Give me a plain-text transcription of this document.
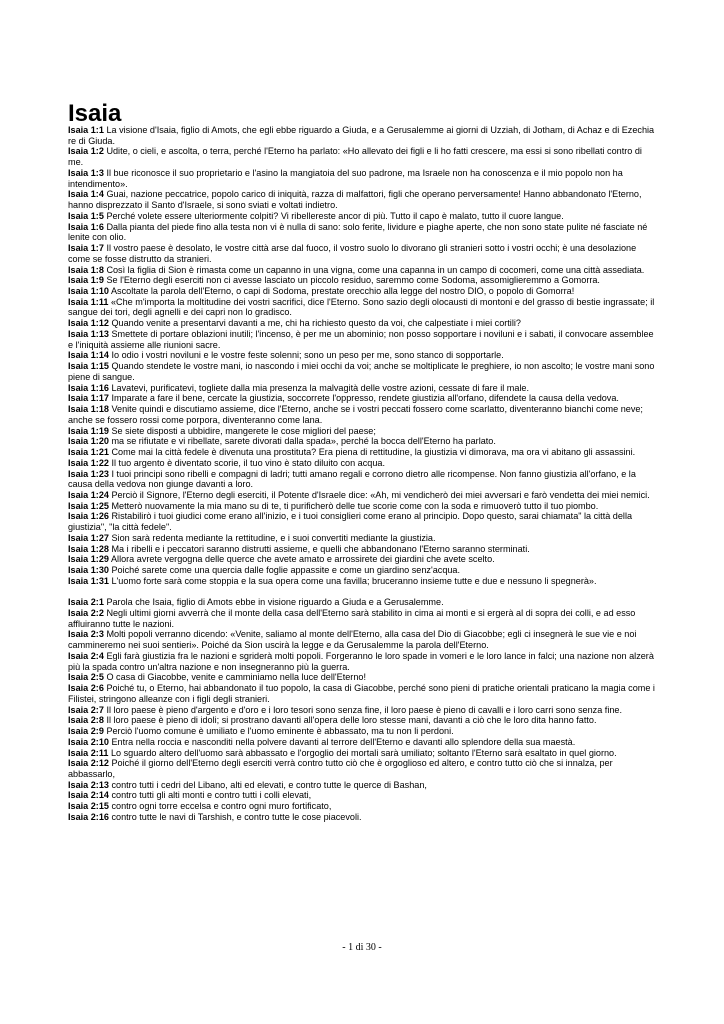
Isaia

Isaia 1:1 La visione d'Isaia, figlio di Amots, che egli ebbe riguardo a Giuda, e a Gerusalemme ai giorni di Uzziah, di Jotham, di Achaz e di Ezechia re di Giuda.

Isaia 1:2 Udite, o cieli, e ascolta, o terra, perché l'Eterno ha parlato: «Ho allevato dei figli e li ho fatti crescere, ma essi si sono ribellati contro di me.

Isaia 1:3 Il bue riconosce il suo proprietario e l'asino la mangiatoia del suo padrone, ma Israele non ha conoscenza e il mio popolo non ha intendimento».

Isaia 1:4 Guai, nazione peccatrice, popolo carico di iniquità, razza di malfattori, figli che operano perversamente! Hanno abbandonato l'Eterno, hanno disprezzato il Santo d'Israele, si sono sviati e voltati indietro.

Isaia 1:5 Perché volete essere ulteriormente colpiti? Vi ribellereste ancor di più. Tutto il capo è malato, tutto il cuore langue.

Isaia 1:6 Dalla pianta del piede fino alla testa non vi è nulla di sano: solo ferite, lividure e piaghe aperte, che non sono state pulite né fasciate né lenite con olio.

Isaia 1:7 Il vostro paese è desolato, le vostre città arse dal fuoco, il vostro suolo lo divorano gli stranieri sotto i vostri occhi; è una desolazione come se fosse distrutto da stranieri.

Isaia 1:8 Così la figlia di Sion è rimasta come un capanno in una vigna, come una capanna in un campo di cocomeri, come una città assediata.

Isaia 1:9 Se l'Eterno degli eserciti non ci avesse lasciato un piccolo residuo, saremmo come Sodoma, assomiglieremmo a Gomorra.

Isaia 1:10 Ascoltate la parola dell'Eterno, o capi di Sodoma, prestate orecchio alla legge del nostro DIO, o popolo di Gomorra!

Isaia 1:11 «Che m'importa la moltitudine dei vostri sacrifici, dice l'Eterno. Sono sazio degli olocausti di montoni e del grasso di bestie ingrassate; il sangue dei tori, degli agnelli e dei capri non lo gradisco.

Isaia 1:12 Quando venite a presentarvi davanti a me, chi ha richiesto questo da voi, che calpestiate i miei cortili?

Isaia 1:13 Smettete di portare oblazioni inutili; l'incenso, è per me un abominio; non posso sopportare i noviluni e i sabati, il convocare assemblee e l'iniquità assieme alle riunioni sacre.

Isaia 1:14 Io odio i vostri noviluni e le vostre feste solenni; sono un peso per me, sono stanco di sopportarle.

Isaia 1:15 Quando stendete le vostre mani, io nascondo i miei occhi da voi; anche se moltiplicate le preghiere, io non ascolto; le vostre mani sono piene di sangue.

Isaia 1:16 Lavatevi, purificatevi, togliete dalla mia presenza la malvagità delle vostre azioni, cessate di fare il male.

Isaia 1:17 Imparate a fare il bene, cercate la giustizia, soccorrete l'oppresso, rendete giustizia all'orfano, difendete la causa della vedova.

Isaia 1:18 Venite quindi e discutiamo assieme, dice l'Eterno, anche se i vostri peccati fossero come scarlatto, diventeranno bianchi come neve; anche se fossero rossi come porpora, diventeranno come lana.

Isaia 1:19 Se siete disposti a ubbidire, mangerete le cose migliori del paese;

Isaia 1:20 ma se rifiutate e vi ribellate, sarete divorati dalla spada», perché la bocca dell'Eterno ha parlato.

Isaia 1:21 Come mai la città fedele è divenuta una prostituta? Era piena di rettitudine, la giustizia vi dimorava, ma ora vi abitano gli assassini.

Isaia 1:22 Il tuo argento è diventato scorie, il tuo vino è stato diluito con acqua.

Isaia 1:23 I tuoi principi sono ribelli e compagni di ladri; tutti amano regali e corrono dietro alle ricompense. Non fanno giustizia all'orfano, e la causa della vedova non giunge davanti a loro.

Isaia 1:24 Perciò il Signore, l'Eterno degli eserciti, il Potente d'Israele dice: «Ah, mi vendicherò dei miei avversari e farò vendetta dei miei nemici.

Isaia 1:25 Metterò nuovamente la mia mano su di te, ti purificherò delle tue scorie come con la soda e rimuoverò tutto il tuo piombo.

Isaia 1:26 Ristabilirò i tuoi giudici come erano all'inizio, e i tuoi consiglieri come erano al principio. Dopo questo, sarai chiamata" la città della giustizia", "la città fedele".

Isaia 1:27 Sion sarà redenta mediante la rettitudine, e i suoi convertiti mediante la giustizia.

Isaia 1:28 Ma i ribelli e i peccatori saranno distrutti assieme, e quelli che abbandonano l'Eterno saranno sterminati.

Isaia 1:29 Allora avrete vergogna delle querce che avete amato e arrossirete dei giardini che avete scelto.

Isaia 1:30 Poiché sarete come una quercia dalle foglie appassite e come un giardino senz'acqua.

Isaia 1:31 L'uomo forte sarà come stoppia e la sua opera come una favilla; bruceranno insieme tutte e due e nessuno li spegnerà».

Isaia 2:1 Parola che Isaia, figlio di Amots ebbe in visione riguardo a Giuda e a Gerusalemme.

Isaia 2:2 Negli ultimi giorni avverrà che il monte della casa dell'Eterno sarà stabilito in cima ai monti e si ergerà al di sopra dei colli, e ad esso affluiranno tutte le nazioni.

Isaia 2:3 Molti popoli verranno dicendo: «Venite, saliamo al monte dell'Eterno, alla casa del Dio di Giacobbe; egli ci insegnerà le sue vie e noi cammineremo nei suoi sentieri». Poiché da Sion uscirà la legge e da Gerusalemme la parola dell'Eterno.

Isaia 2:4 Egli farà giustizia fra le nazioni e sgriderà molti popoli. Forgeranno le loro spade in vomeri e le loro lance in falci; una nazione non alzerà più la spada contro un'altra nazione e non insegneranno più la guerra.

Isaia 2:5 O casa di Giacobbe, venite e camminiamo nella luce dell'Eterno!

Isaia 2:6 Poiché tu, o Eterno, hai abbandonato il tuo popolo, la casa di Giacobbe, perché sono pieni di pratiche orientali praticano la magia come i Filistei, stringono alleanze con i figli degli stranieri.

Isaia 2:7 Il loro paese è pieno d'argento e d'oro e i loro tesori sono senza fine, il loro paese è pieno di cavalli e i loro carri sono senza fine.

Isaia 2:8 Il loro paese è pieno di idoli; si prostrano davanti all'opera delle loro stesse mani, davanti a ciò che le loro dita hanno fatto.

Isaia 2:9 Perciò l'uomo comune è umiliato e l'uomo eminente è abbassato, ma tu non li perdoni.

Isaia 2:10 Entra nella roccia e nasconditi nella polvere davanti al terrore dell'Eterno e davanti allo splendore della sua maestà.

Isaia 2:11 Lo sguardo altero dell'uomo sarà abbassato e l'orgoglio dei mortali sarà umiliato; soltanto l'Eterno sarà esaltato in quel giorno.

Isaia 2:12 Poiché il giorno dell'Eterno degli eserciti verrà contro tutto ciò che è orgoglioso ed altero, e contro tutto ciò che si innalza, per abbassarlo,

Isaia 2:13 contro tutti i cedri del Libano, alti ed elevati, e contro tutte le querce di Bashan,

Isaia 2:14 contro tutti gli alti monti e contro tutti i colli elevati,

Isaia 2:15 contro ogni torre eccelsa e contro ogni muro fortificato,

Isaia 2:16 contro tutte le navi di Tarshish, e contro tutte le cose piacevoli.

- 1 di 30 -
